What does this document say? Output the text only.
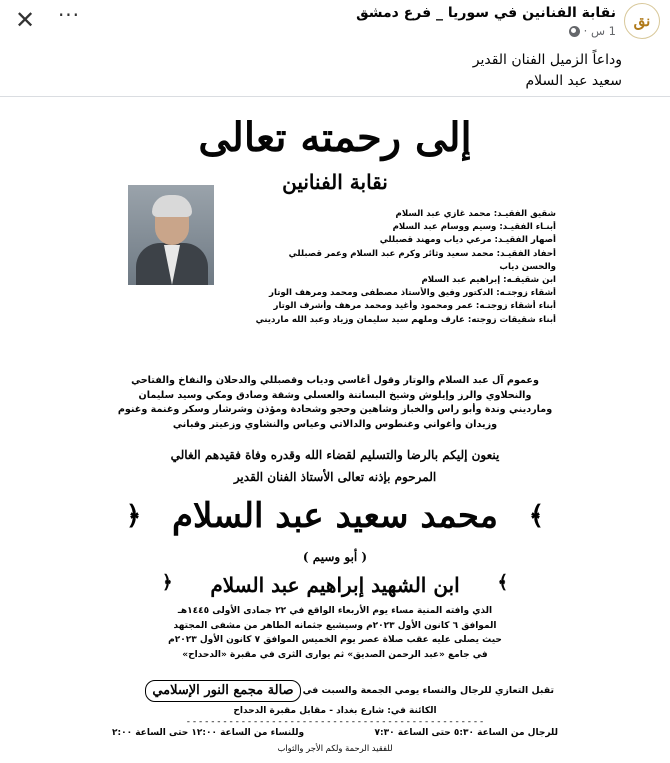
نق
نقابة الفنانين في سوريا _ فرع دمشق
1 س ·
···
✕
وداعاً الزميل الفنان القدير
سعيد عبد السلام
إلى رحمته تعالى
نقابة الفنانين
شقيق الفقيـد: محمد غازي عبد السلام
أبنـاء الفقيـد: وسيم ووسام عبد السلام
أصهار الفقيـد: مرعي دياب ومهند قصبللي
أحفاد الفقيـد: محمد سعيد وثائر وكرم عبد السلام وعمر قصبللي
والحسن دياب
ابن شقيقـه: إبراهيم عبد السلام
أشقاء زوجتـه: الدكتور وفيق والأستاذ مصطفى ومحمد ومرهف الوتار
أبناء أشقاء زوجتـه: عمر ومحمود وأغيد ومحمد مرهف وأشرف الوتار
أبناء شقيقات زوجته: عارف وملهم سيد سليمان وزياد وعبد الله مارديني
وعموم آل عبد السلام والوتار وقول أغاسي ودياب وقصبللي والدحلان والنفاخ والفتاحي
والنحلاوي والرز وإيلوش وشيخ البساتنة والعسلي وشقة وصادق ومكي وسيد سليمان
ومارديني وندة وأبو راس والخباز وشاهين وحجو وشحادة ومؤذن وشرشار وسكر وغنمة وغنوم
وزيدان وأغواني وغنطوس والدالاتي وعياس والنشاوي وزعيتر وقباني
ينعون إليكم بالرضا والتسليم لقضاء الله وقدره وفاة فقيدهم الغالي
المرحوم بإذنه تعالى الأستاذ الفنان القدير
﴾
محمد سعيد عبد السلام
﴿
( أبو وسيم )
﴾
ابن الشهيد إبراهيم عبد السلام
﴿
الذي وافته المنية مساء يوم الأربعاء الواقع في ٢٢ جمادى الأولى ١٤٤٥هـ
الموافق ٦ كانون الأول ٢٠٢٣م وسيشيع جثمانه الطاهر من مشفى المجتهد
حيث يصلى عليه عقب صلاة عصر يوم الخميس الموافق ٧ كانون الأول ٢٠٢٣م
في جامع «عبد الرحمن الصديق» ثم يوارى الثرى في مقبرة «الدحداح»
تقبل التعازي للرجال والنساء يومي الجمعة والسبت في
صالة مجمع النور الإسلامي
الكائنة في: شارع بغداد - مقابل مقبرة الدحداح
- - - - - - - - - - - - - - - - - - - - - - - - - - - - - - - - - - - - - - - - - - - - - - - - -
للرجال من الساعة ٥:٣٠ حتى الساعة ٧:٣٠
وللنساء من الساعة ١٢:٠٠ حتى الساعة ٢:٠٠
للفقيد الرحمة ولكم الأجر والثواب
